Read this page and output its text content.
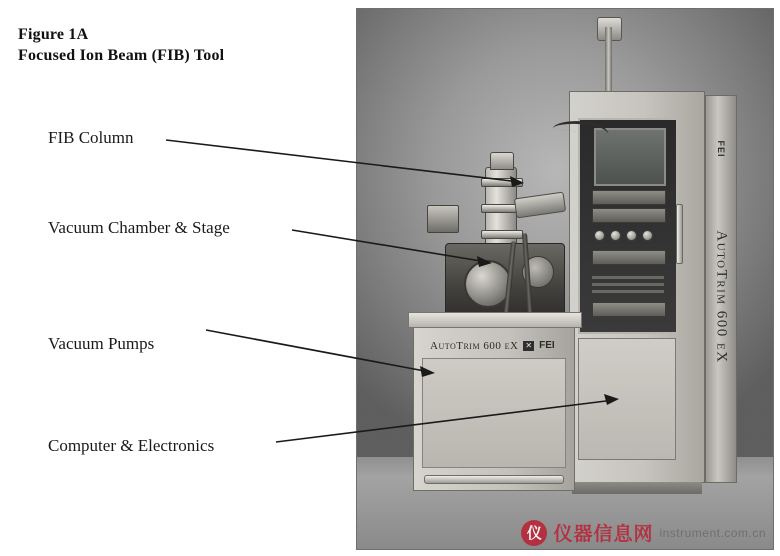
Figure 1A
Focused Ion Beam (FIB) Tool
FIB Column
Vacuum Chamber & Stage
Vacuum Pumps
Computer & Electronics
FEI
AutoTrim 600 eX
AutoTrim 600 eX ✕ FEI
仪 仪器信息网 instrument.com.cn
